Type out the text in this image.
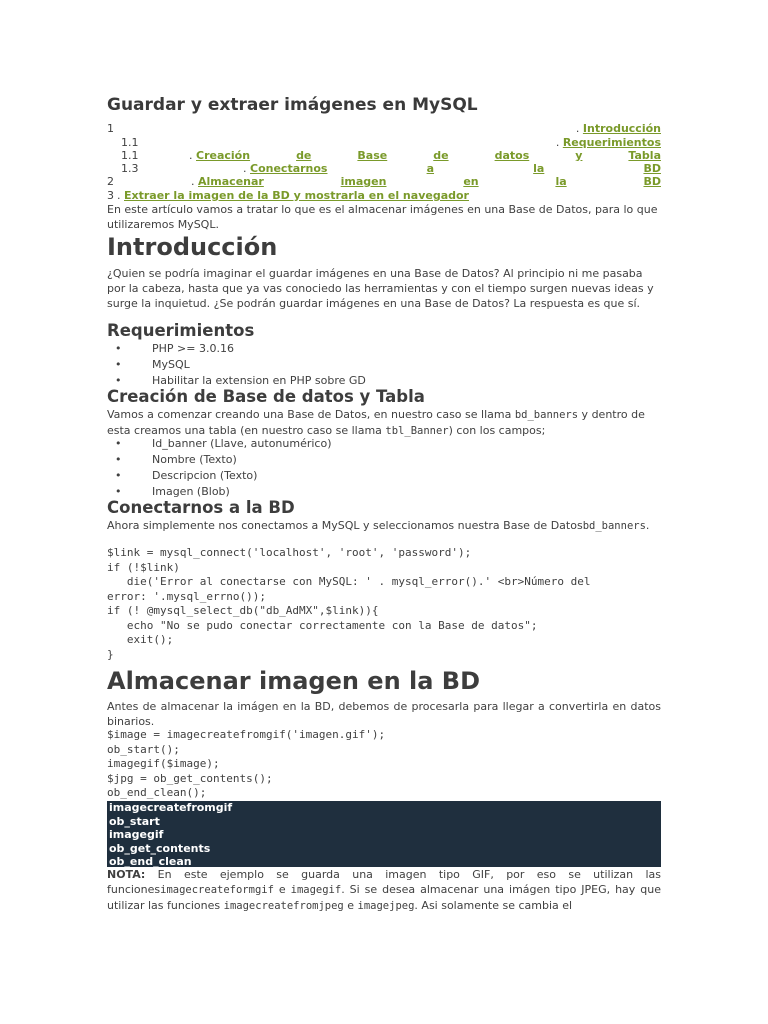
Guardar y extraer imágenes en MySQL
1	. Introducción
1.1	. Requerimientos
1.1	. Creación	de	Base	de	datos	y	Tabla
1.3	. Conectarnos	a	la	BD
2	. Almacenar	imagen	en	la	BD
3 . Extraer la imagen de la BD y mostrarla en el navegador

En este artículo vamos a tratar lo que es el almacenar imágenes en una Base de Datos, para lo que utilizaremos MySQL.

Introducción

¿Quien se podría imaginar el guardar imágenes en una Base de Datos? Al principio ni me pasaba por la cabeza, hasta que ya vas conociedo las herramientas y con el tiempo surgen nuevas ideas y surge la inquietud. ¿Se podrán guardar imágenes en una Base de Datos? La respuesta es que sí.

Requerimientos
•	PHP >= 3.0.16
•	MySQL
•	Habilitar la extension en PHP sobre GD
Creación de Base de datos y Tabla

Vamos a comenzar creando una Base de Datos, en nuestro caso se llama bd_banners y dentro de esta creamos una tabla (en nuestro caso se llama tbl_Banner) con los campos;

•	Id_banner (Llave, autonumérico)
•	Nombre (Texto)
•	Descripcion (Texto)
•	Imagen (Blob)
Conectarnos a la BD

Ahora simplemente nos conectamos a MySQL y seleccionamos nuestra Base de Datosbd_banners.

$link = mysql_connect('localhost', 'root', 'password');
if (!$link)
die('Error al conectarse con MySQL: ' . mysql_error().' <br>Número del
error: '.mysql_errno());
if (! @mysql_select_db("db_AdMX",$link)){
echo "No se pudo conectar correctamente con la Base de datos";
exit();
}
Almacenar imagen en la BD

Antes de almacenar la imágen en la BD, debemos de procesarla para llegar a convertirla en datos binarios.

$image = imagecreatefromgif('imagen.gif');
ob_start();
imagegif($image);
$jpg = ob_get_contents();
ob_end_clean();
imagecreatefromgif
ob_start
imagegif
ob_get_contents
ob_end_clean

NOTA: En este ejemplo se guarda una imagen tipo GIF, por eso se utilizan las funcionesimagecreateformgif e imagegif. Si se desea almacenar una imágen tipo JPEG, hay que utilizar las funciones imagecreatefromjpeg e imagejpeg. Asi solamente se cambia el
